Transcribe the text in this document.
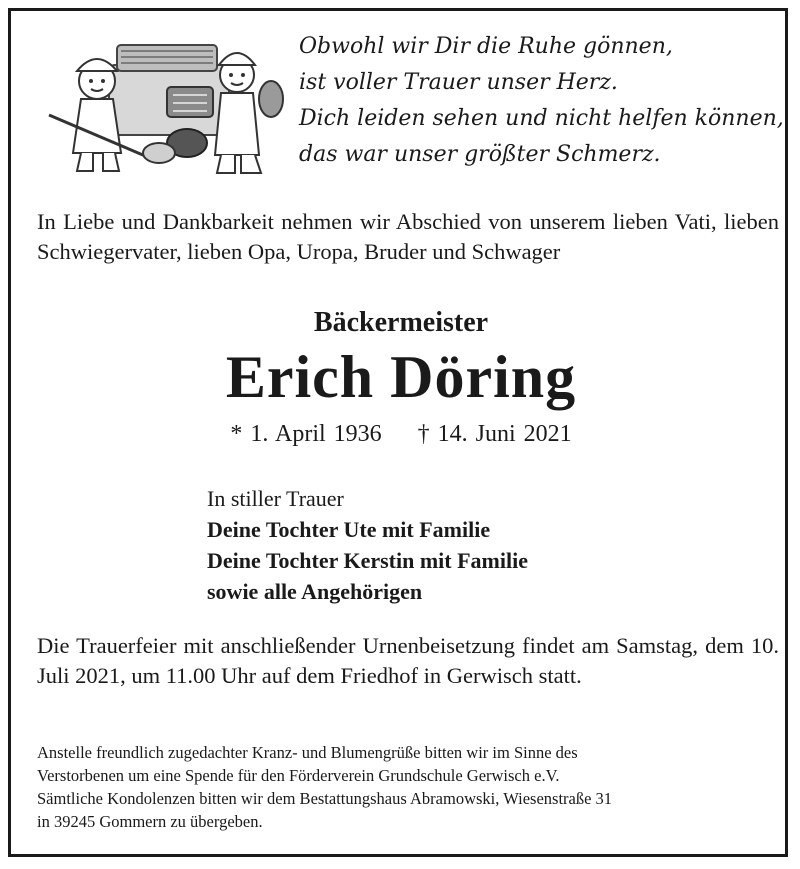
Obwohl wir Dir die Ruhe gönnen,
ist voller Trauer unser Herz.
Dich leiden sehen und nicht helfen können,
das war unser größter Schmerz.
In Liebe und Dankbarkeit nehmen wir Abschied von unserem lieben Vati, lieben Schwiegervater, lieben Opa, Uropa, Bruder und Schwager
Bäckermeister
Erich Döring
* 1. April 1936 † 14. Juni 2021
In stiller Trauer
Deine Tochter Ute mit Familie
Deine Tochter Kerstin mit Familie
sowie alle Angehörigen
Die Trauerfeier mit anschließender Urnenbeisetzung findet am Samstag, dem 10. Juli 2021, um 11.00 Uhr auf dem Friedhof in Gerwisch statt.
Anstelle freundlich zugedachter Kranz- und Blumengrüße bitten wir im Sinne des
Verstorbenen um eine Spende für den Förderverein Grundschule Gerwisch e.V.
Sämtliche Kondolenzen bitten wir dem Bestattungshaus Abramowski, Wiesenstraße 31
in 39245 Gommern zu übergeben.
